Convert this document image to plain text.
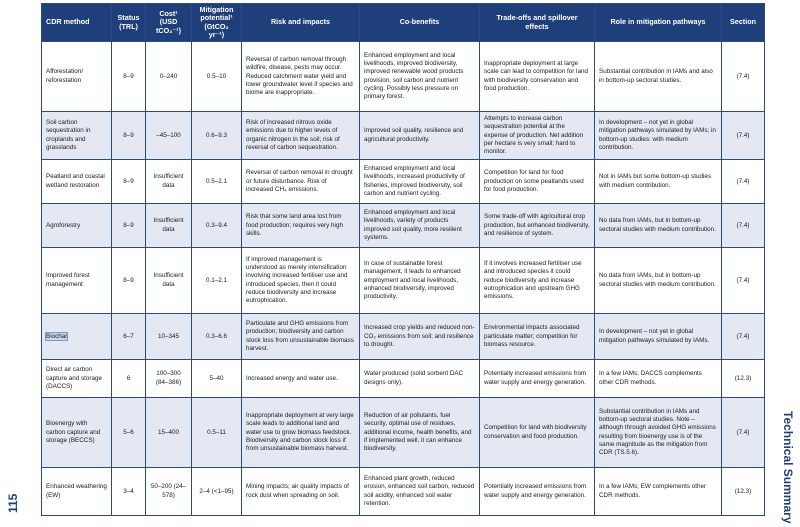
115	Technical Summary
CDR method	Status (TRL)	Cost¹ (USD tCO₂⁻¹)	Mitigation potential¹ (GtCO₂ yr⁻¹)	Risk and impacts	Co-benefits	Trade-offs and spillover effects	Role in mitigation pathways	Section
Afforestation/ reforestation	8–9	0–240	0.5–10	Reversal of carbon removal through wildfire, disease, pests may occur. Reduced catchment water yield and lower groundwater level if species and biome are inappropriate.	Enhanced employment and local livelihoods, improved biodiversity, improved renewable wood products provision, soil carbon and nutrient cycling. Possibly less pressure on primary forest.	Inappropriate deployment at large scale can lead to competition for land with biodiversity conservation and food production.	Substantial contribution in IAMs and also in bottom-up sectoral studies.	(7.4)
Soil carbon sequestration in croplands and grasslands	8–9	–45–100	0.6–9.3	Risk of increased nitrous oxide emissions due to higher levels of organic nitrogen in the soil; risk of reversal of carbon sequestration.	Improved soil quality, resilience and agricultural productivity.	Attempts to increase carbon sequestration potential at the expense of production. Net addition per hectare is very small; hard to monitor.	In development – not yet in global mitigation pathways simulated by IAMs; in bottom-up studies: with medium contribution.	(7.4)
Peatland and coastal wetland restoration	8–9	Insufficient data	0.5–2.1	Reversal of carbon removal in drought or future disturbance. Risk of increased CH₄ emissions.	Enhanced employment and local livelihoods, increased productivity of fisheries, improved biodiversity, soil carbon and nutrient cycling.	Competition for land for food production on some peatlands used for food production.	Not in IAMs but some bottom-up studies with medium contribution.	(7.4)
Agroforestry	8–9	Insufficient data	0.3–9.4	Risk that some land area lost from food production; requires very high skills.	Enhanced employment and local livelihoods, variety of products improved soil quality, more resilient systems.	Some trade-off with agricultural crop production, but enhanced biodiversity, and resilience of system.	No data from IAMs, but in bottom-up sectoral studies with medium contribution.	(7.4)
Improved forest management	8–9	Insufficient data	0.1–2.1	If improved management is understood as merely intensification involving increased fertiliser use and introduced species, then it could reduce biodiversity and increase eutrophication.	In case of sustainable forest management, it leads to enhanced employment and local livelihoods, enhanced biodiversity, improved productivity.	If it involves increased fertiliser use and introduced species it could reduce biodiversity and increase eutrophication and upstream GHG emissions.	No data from IAMs, but in bottom-up sectoral studies with medium contribution.	(7.4)
Biochar	6–7	10–345	0.3–6.6	Particulate and GHG emissions from production; biodiversity and carbon stock loss from unsustainable biomass harvest.	Increased crop yields and reduced non-CO₂ emissions from soil; and resilience to drought.	Environmental impacts associated particulate matter; competition for biomass resource.	In development – not yet in global mitigation pathways simulated by IAMs.	(7.4)
Direct air carbon capture and storage (DACCS)	6	100–300 (84–386)	5–40	Increased energy and water use.	Water produced (solid sorbent DAC designs only).	Potentially increased emissions from water supply and energy generation.	In a few IAMs; DACCS complements other CDR methods.	(12.3)
Bioenergy with carbon capture and storage (BECCS)	5–6	15–400	0.5–11	Inappropriate deployment at very large scale leads to additional land and water use to grow biomass feedstock. Biodiversity and carbon stock loss if from unsustainable biomass harvest.	Reduction of air pollutants, fuel security, optimal use of residues, additional income, health benefits, and if implemented well, it can enhance biodiversity.	Competition for land with biodiversity conservation and food production.	Substantial contribution in IAMs and bottom-up sectoral studies. Note – although through avoided GHG emissions resulting from bioenergy use is of the same magnitude as the mitigation from CDR (TS.5.6).	(7.4)
Enhanced weathering (EW)	3–4	50–200 (24–578)	2–4 (<1–95)	Mining impacts; air quality impacts of rock dust when spreading on soil.	Enhanced plant growth, reduced erosion, enhanced soil carbon, reduced soil acidity, enhanced soil water retention.	Potentially increased emissions from water supply and energy generation.	In a few IAMs; EW complements other CDR methods.	(12.3)
